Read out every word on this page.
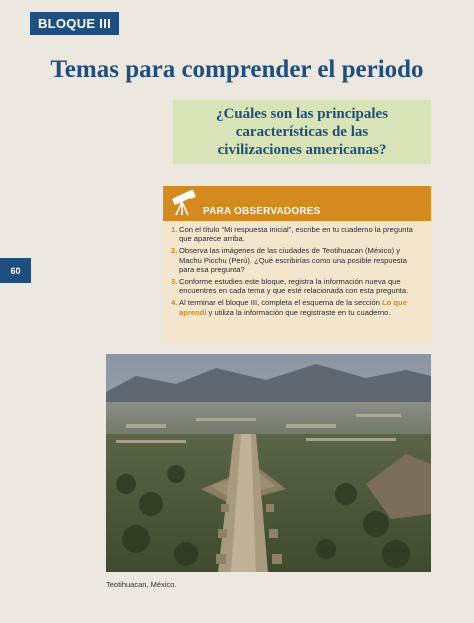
BLOQUE III
60
Temas para comprender el periodo
¿Cuáles son las principales
características de las
civilizaciones americanas?
PARA OBSERVADORES
1. Con el título “Mi respuesta inicial”, escribe en tu cuaderno la pregunta que aparece arriba.
2. Observa las imágenes de las ciudades de Teotihuacan (México) y Machu Picchu (Perú). ¿Qué escribirías como una posible respuesta para esa pregunta?
3. Conforme estudies este bloque, registra la información nueva que encuentres en cada tema y que esté relacionada con esta pregunta.
4. Al terminar el bloque III, completa el esquema de la sección Lo que aprendí y utiliza la información que registraste en tu cuaderno.
Teotihuacan, México.
